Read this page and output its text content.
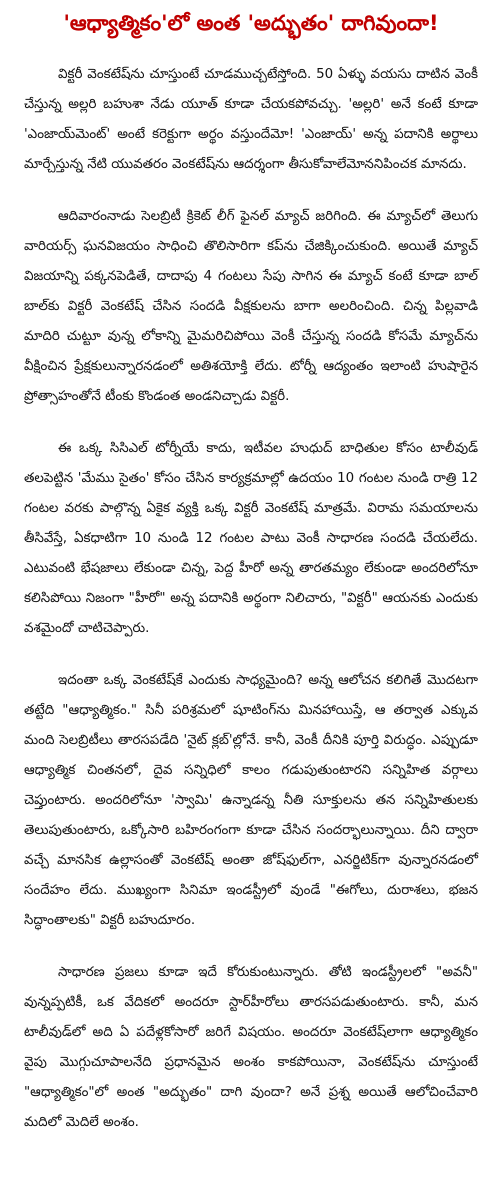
'ఆధ్యాత్మికం'లో అంత 'అద్భుతం' దాగివుందా!

విక్టరీ వెంకటేష్‌ను చూస్తుంటే చూడముచ్చటేస్తోంది. 50 ఏళ్ళు వయసు దాటిన వెంకీ చేస్తున్న అల్లరి బహుశా నేడు యూత్ కూడా చేయకపోవచ్చు. 'అల్లరి' అనే కంటే కూడా 'ఎంజాయ్‌మెంట్' అంటే కరెక్టుగా అర్థం వస్తుందేమో! 'ఎంజాయ్' అన్న పదానికి అర్థాలు మార్చేస్తున్న నేటి యువతరం వెంకటేష్‌ను ఆదర్శంగా తీసుకోవాలేమోననిపించక మానదు.

ఆదివారంనాడు సెలబ్రిటీ క్రికెట్ లీగ్ ఫైనల్ మ్యాచ్ జరిగింది. ఈ మ్యాచ్‌లో తెలుగు వారియర్స్ ఘనవిజయం సాధించి తొలిసారిగా కప్‌ను చేజిక్కించుకుంది. అయితే మ్యాచ్ విజయాన్ని పక్కనపెడితే, దాదాపు 4 గంటలు సేపు సాగిన ఈ మ్యాచ్ కంటే కూడా బాల్ బాల్‌కు విక్టరీ వెంకటేష్ చేసిన సందడి వీక్షకులను బాగా అలరించింది. చిన్న పిల్లవాడి మాదిరి చుట్టూ వున్న లోకాన్ని మైమరిచిపోయి వెంకీ చేస్తున్న సందడి కోసమే మ్యాచ్‌ను వీక్షించిన ప్రేక్షకులున్నారనడంలో అతిశయోక్తి లేదు. టోర్నీ ఆద్యంతం ఇలాంటి హుషారైన ప్రోత్సాహంతోనే టీంకు కొండంత అండనిచ్చాడు విక్టరీ.

ఈ ఒక్క సిసిఎల్ టోర్నీయే కాదు, ఇటీవల హుధుద్ బాధితుల కోసం టాలీవుడ్ తలపెట్టిన 'మేము సైతం' కోసం చేసిన కార్యక్రమాల్లో ఉదయం 10 గంటల నుండి రాత్రి 12 గంటల వరకు పాల్గొన్న ఏకైక వ్యక్తి ఒక్క విక్టరీ వెంకటేష్ మాత్రమే. విరామ సమయాలను తీసివేస్తే, ఏకధాటిగా 10 నుండి 12 గంటల పాటు వెంకీ సాధారణ సందడి చేయలేదు. ఎటువంటి భేషజాలు లేకుండా చిన్న, పెద్ద హీరో అన్న తారతమ్యం లేకుండా అందరిలోనూ కలిసిపోయి నిజంగా "హీరో" అన్న పదానికి అర్థంగా నిలిచారు, "విక్టరీ" ఆయనకు ఎందుకు వశమైందో చాటిచెప్పారు.

ఇదంతా ఒక్క వెంకటేష్‌కే ఎందుకు సాధ్యమైంది? అన్న ఆలోచన కలిగితే మొదటగా తట్టేది "ఆధ్యాత్మికం." సినీ పరిశ్రమలో షూటింగ్‌ను మినహాయిస్తే, ఆ తర్వాత ఎక్కువ మంది సెలబ్రిటీలు తారసపడేది 'నైట్ క్లబ్‌'ల్లోనే. కానీ, వెంకీ దీనికి పూర్తి విరుద్ధం. ఎప్పుడూ ఆధ్యాత్మిక చింతనలో, దైవ సన్నిధిలో కాలం గడుపుతుంటారని సన్నిహిత వర్గాలు చెప్తుంటారు. అందరిలోనూ 'స్వామి' ఉన్నాడన్న నీతి సూక్తులను తన సన్నిహితులకు తెలుపుతుంటారు, ఒక్కోసారి బహిరంగంగా కూడా చేసిన సందర్భాలున్నాయి. దీని ద్వారా వచ్చే మానసిక ఉల్లాసంతో వెంకటేష్ అంతా జోష్‌ఫుల్‌గా, ఎనర్జిటిక్‌గా వున్నారనడంలో సందేహం లేదు. ముఖ్యంగా సినిమా ఇండస్ట్రీలో వుండే "ఈగోలు, దురాశలు, భజన సిద్ధాంతాలకు" విక్టరీ బహుదూరం.

సాధారణ ప్రజలు కూడా ఇదే కోరుకుంటున్నారు. తోటి ఇండస్ట్రీలలో "అవనీ" వున్నప్పటికీ, ఒక వేదికలో అందరూ స్టార్‌హీరోలు తారసపడుతుంటారు. కానీ, మన టాలీవుడ్‌లో అది ఏ పదేళ్లకోసారో జరిగే విషయం. అందరూ వెంకటేష్‌లాగా ఆధ్యాత్మికం వైపు మొగ్గుచూపాలనేది ప్రధానమైన అంశం కాకపోయినా, వెంకటేష్‌ను చూస్తుంటే "ఆధ్యాత్మికం"లో అంత "అద్భుతం" దాగి వుందా? అనే ప్రశ్న అయితే ఆలోచించేవారి మదిలో మెదిలే అంశం.
